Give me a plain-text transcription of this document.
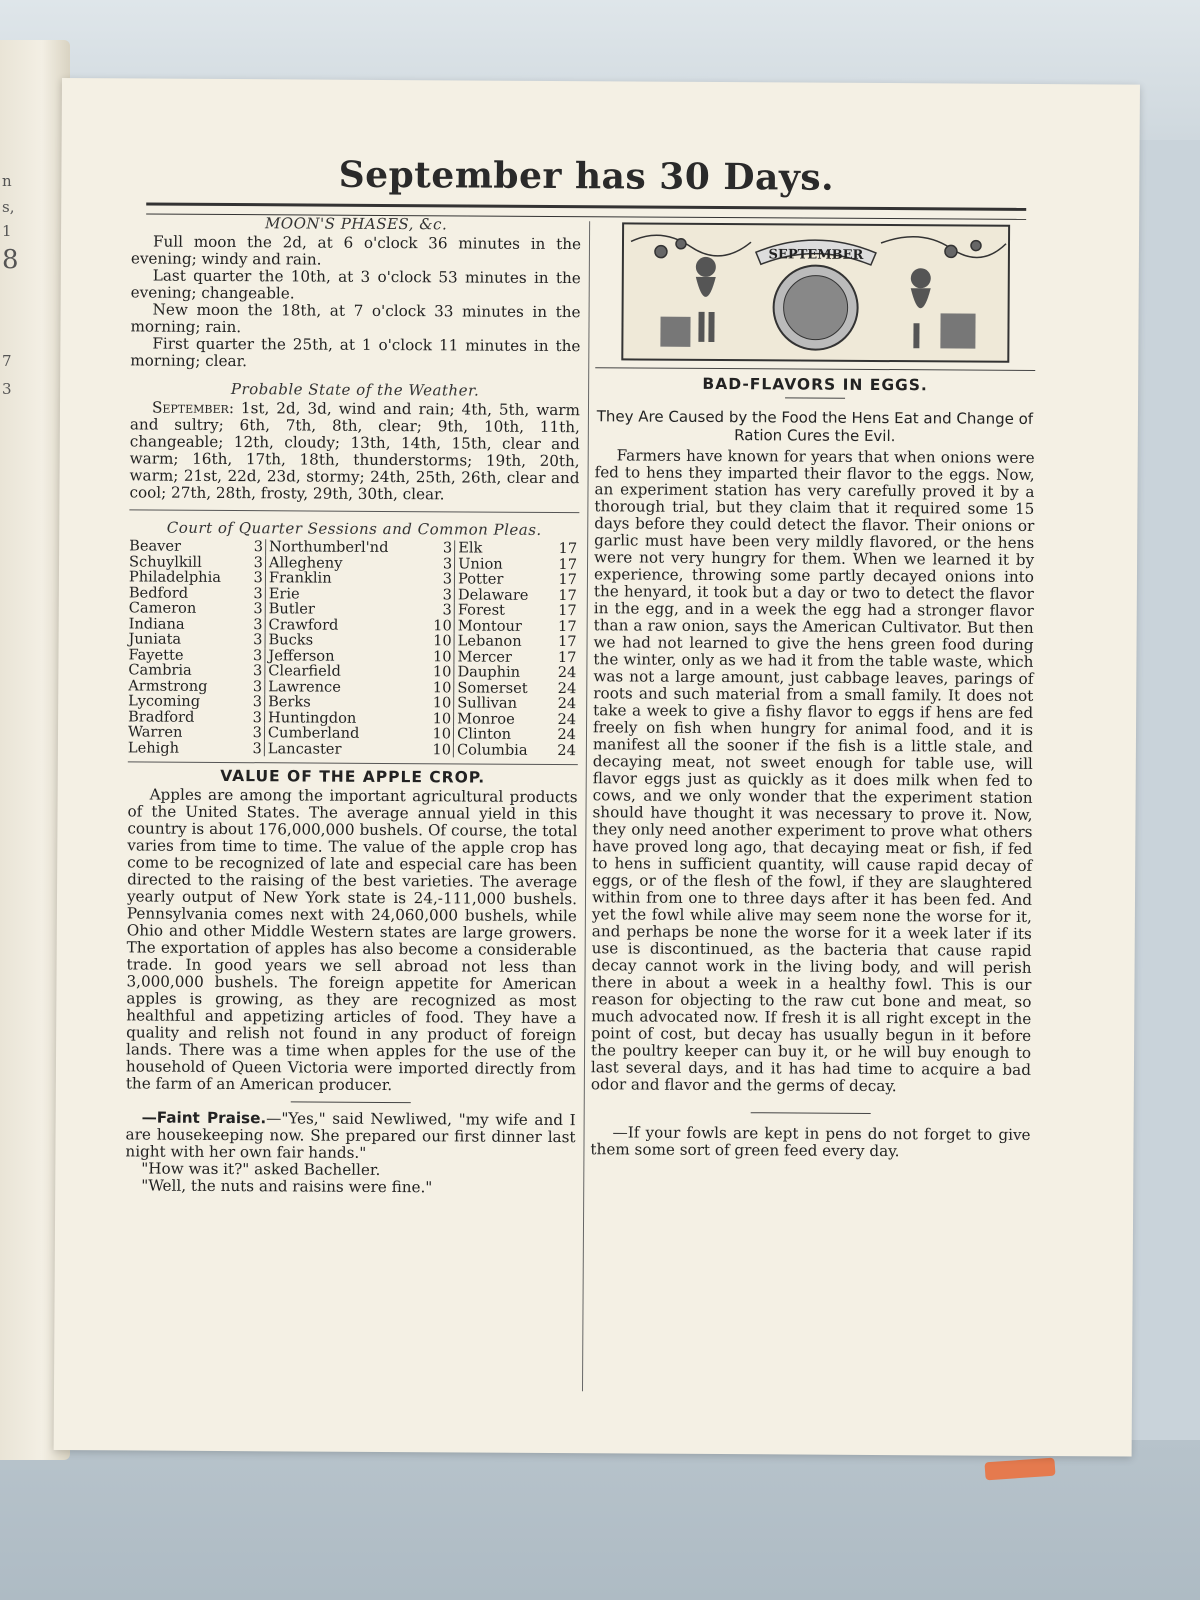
n
s,
1
8
7
3
September has 30 Days.

MOON'S PHASES, &c.

Full moon the 2d, at 6 o'clock 36 minutes in the evening; windy and rain.

Last quarter the 10th, at 3 o'clock 53 minutes in the evening; changeable.

New moon the 18th, at 7 o'clock 33 minutes in the morning; rain.

First quarter the 25th, at 1 o'clock 11 minutes in the morning; clear.

Probable State of the Weather.

September: 1st, 2d, 3d, wind and rain; 4th, 5th, warm and sultry; 6th, 7th, 8th, clear; 9th, 10th, 11th, changeable; 12th, cloudy; 13th, 14th, 15th, clear and warm; 16th, 17th, 18th, thunderstorms; 19th, 20th, warm; 21st, 22d, 23d, stormy; 24th, 25th, 26th, clear and cool; 27th, 28th, frosty, 29th, 30th, clear.

Court of Quarter Sessions and Common Pleas.

Beaver	3	Northumberl'nd	3	Elk	17
Schuylkill	3	Allegheny	3	Union	17
Philadelphia	3	Franklin	3	Potter	17
Bedford	3	Erie	3	Delaware	17
Cameron	3	Butler	3	Forest	17
Indiana	3	Crawford	10	Montour	17
Juniata	3	Bucks	10	Lebanon	17
Fayette	3	Jefferson	10	Mercer	17
Cambria	3	Clearfield	10	Dauphin	24
Armstrong	3	Lawrence	10	Somerset	24
Lycoming	3	Berks	10	Sullivan	24
Bradford	3	Huntingdon	10	Monroe	24
Warren	3	Cumberland	10	Clinton	24
Lehigh	3	Lancaster	10	Columbia	24

VALUE OF THE APPLE CROP.

Apples are among the important agricultural products of the United States. The average annual yield in this country is about 176,000,000 bushels. Of course, the total varies from time to time. The value of the apple crop has come to be recognized of late and especial care has been directed to the raising of the best varieties. The average yearly output of New York state is 24,-111,000 bushels. Pennsylvania comes next with 24,060,000 bushels, while Ohio and other Middle Western states are large growers. The exportation of apples has also become a considerable trade. In good years we sell abroad not less than 3,000,000 bushels. The foreign appetite for American apples is growing, as they are recognized as most healthful and appetizing articles of food. They have a quality and relish not found in any product of foreign lands. There was a time when apples for the use of the household of Queen Victoria were imported directly from the farm of an American producer.

—Faint Praise.—"Yes," said Newliwed, "my wife and I are housekeeping now. She prepared our first dinner last night with her own fair hands."

"How was it?" asked Bacheller.

"Well, the nuts and raisins were fine."

SEPTEMBER

BAD-FLAVORS IN EGGS.

They Are Caused by the Food the Hens Eat and Change of Ration Cures the Evil.

Farmers have known for years that when onions were fed to hens they imparted their flavor to the eggs. Now, an experiment station has very carefully proved it by a thorough trial, but they claim that it required some 15 days before they could detect the flavor. Their onions or garlic must have been very mildly flavored, or the hens were not very hungry for them. When we learned it by experience, throwing some partly decayed onions into the henyard, it took but a day or two to detect the flavor in the egg, and in a week the egg had a stronger flavor than a raw onion, says the American Cultivator. But then we had not learned to give the hens green food during the winter, only as we had it from the table waste, which was not a large amount, just cabbage leaves, parings of roots and such material from a small family. It does not take a week to give a fishy flavor to eggs if hens are fed freely on fish when hungry for animal food, and it is manifest all the sooner if the fish is a little stale, and decaying meat, not sweet enough for table use, will flavor eggs just as quickly as it does milk when fed to cows, and we only wonder that the experiment station should have thought it was necessary to prove it. Now, they only need another experiment to prove what others have proved long ago, that decaying meat or fish, if fed to hens in sufficient quantity, will cause rapid decay of eggs, or of the flesh of the fowl, if they are slaughtered within from one to three days after it has been fed. And yet the fowl while alive may seem none the worse for it, and perhaps be none the worse for it a week later if its use is discontinued, as the bacteria that cause rapid decay cannot work in the living body, and will perish there in about a week in a healthy fowl. This is our reason for objecting to the raw cut bone and meat, so much advocated now. If fresh it is all right except in the point of cost, but decay has usually begun in it before the poultry keeper can buy it, or he will buy enough to last several days, and it has had time to acquire a bad odor and flavor and the germs of decay.

—If your fowls are kept in pens do not forget to give them some sort of green feed every day.
